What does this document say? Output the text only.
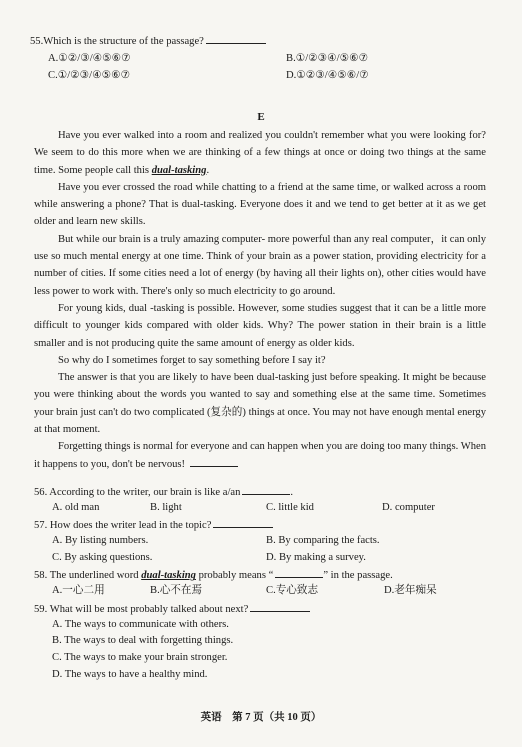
55.Which is the structure of the passage?
A.①②/③/④⑤⑥⑦	B.①/②③④/⑤⑥⑦
C.①/②③/④⑤⑥⑦	D.①②③/④⑤⑥/⑦
E

Have you ever walked into a room and realized you couldn't remember what you were looking for? We seem to do this more when we are thinking of a few things at once or doing two things at the same time. Some people call this dual-tasking.

Have you ever crossed the road while chatting to a friend at the same time, or walked across a room while answering a phone? That is dual-tasking. Everyone does it and we tend to get better at it as we get older and learn new skills.

But while our brain is a truly amazing computer- more powerful than any real computer，it can only use so much mental energy at one time. Think of your brain as a power station, providing electricity for a number of cities. If some cities need a lot of energy (by having all their lights on), other cities would have less power to work with. There's only so much electricity to go around.

For young kids, dual -tasking is possible. However, some studies suggest that it can be a little more difficult to younger kids compared with older kids. Why? The power station in their brain is a little smaller and is not producing quite the same amount of energy as older kids.

So why do I sometimes forget to say something before I say it?

The answer is that you are likely to have been dual-tasking just before speaking. It might be because you were thinking about the words you wanted to say and something else at the same time. Sometimes your brain just can't do two complicated (复杂的) things at once. You may not have enough mental energy at that moment.

Forgetting things is normal for everyone and can happen when you are doing too many things. When it happens to you, don't be nervous!

56. According to the writer, our brain is like a/an	.
A. old man	B. light	C. little kid	D. computer
57. How does the writer lead in the topic?
A. By listing numbers.	B. By comparing the facts.
C. By asking questions.	D. By making a survey.
58. The underlined word dual-tasking probably means “	” in the passage.
A.一心二用	B.心不在焉	C.专心致志	D.老年痴呆
59. What will be most probably talked about next?
A. The ways to communicate with others.
B. The ways to deal with forgetting things.
C. The ways to make your brain stronger.
D. The ways to have a healthy mind.
英语　第 7 页（共 10 页）
